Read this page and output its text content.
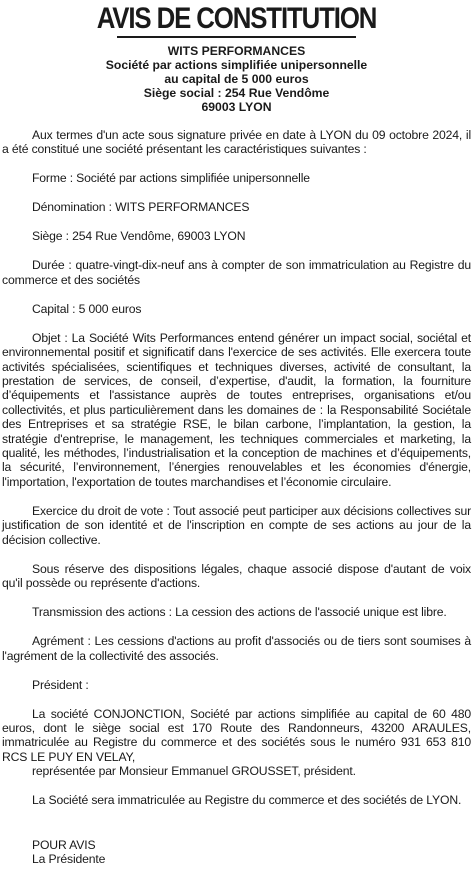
AVIS DE CONSTITUTION
WITS PERFORMANCES
Société par actions simplifiée unipersonnelle
au capital de 5 000 euros
Siège social : 254 Rue Vendôme
69003 LYON

Aux termes d'un acte sous signature privée en date à LYON du 09 octobre 2024, il a été constitué une société présentant les caractéristiques suivantes :

Forme : Société par actions simplifiée unipersonnelle

Dénomination : WITS PERFORMANCES

Siège : 254 Rue Vendôme, 69003 LYON

Durée : quatre-vingt-dix-neuf ans à compter de son immatriculation au Registre du commerce et des sociétés

Capital : 5 000 euros

Objet : La Société Wits Performances entend générer un impact social, sociétal et environnemental positif et significatif dans l'exercice de ses activités. Elle exercera toute activités spécialisées, scientifiques et techniques diverses, activité de consultant, la prestation de services, de conseil, d’expertise, d'audit, la formation, la fourniture d’équipements et l'assistance auprès de toutes entreprises, organisations et/ou collectivités, et plus particulièrement dans les domaines de : la Responsabilité Sociétale des Entreprises et sa stratégie RSE, le bilan carbone, l’implantation, la gestion, la stratégie d'entreprise, le management, les techniques commerciales et marketing, la qualité, les méthodes, l’industrialisation et la conception de machines et d’équipements, la sécurité, l’environnement, l’énergies renouvelables et les économies d'énergie, l'importation, l'exportation de toutes marchandises et l’économie circulaire.

Exercice du droit de vote : Tout associé peut participer aux décisions collectives sur justification de son identité et de l'inscription en compte de ses actions au jour de la décision collective.

Sous réserve des dispositions légales, chaque associé dispose d'autant de voix qu'il possède ou représente d'actions.

Transmission des actions : La cession des actions de l'associé unique est libre.

Agrément : Les cessions d'actions au profit d'associés ou de tiers sont soumises à l'agrément de la collectivité des associés.

Président :

La société CONJONCTION, Société par actions simplifiée au capital de 60 480 euros, dont le siège social est 170 Route des Randonneurs, 43200 ARAULES, immatriculée au Registre du commerce et des sociétés sous le numéro 931 653 810 RCS LE PUY EN VELAY,

représentée par Monsieur Emmanuel GROUSSET, président.

La Société sera immatriculée au Registre du commerce et des sociétés de LYON.

POUR AVIS
La Présidente
